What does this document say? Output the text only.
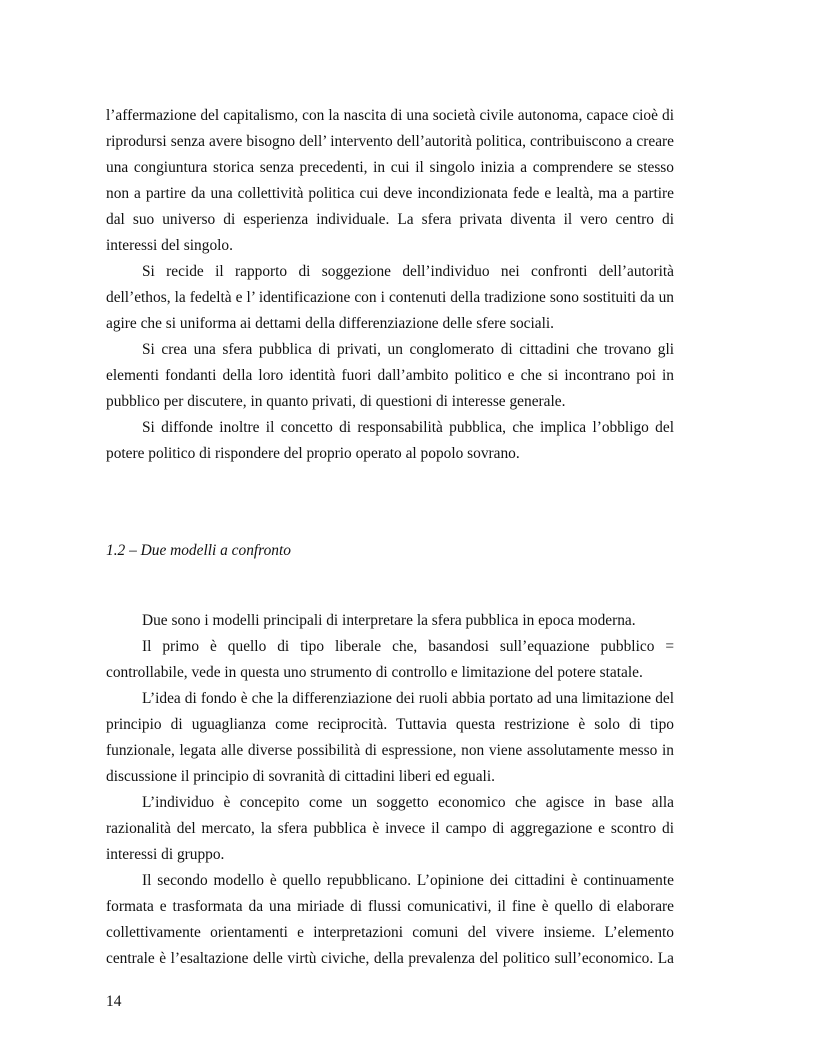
l’affermazione del capitalismo, con la nascita di una società civile autonoma, capace cioè di riprodursi senza avere bisogno dell’ intervento dell’autorità politica, contribuiscono a creare una congiuntura storica senza precedenti, in cui il singolo inizia a comprendere se stesso non a partire da una collettività politica cui deve incondizionata fede e lealtà, ma a partire dal suo universo di esperienza individuale. La sfera privata diventa il vero centro di interessi del singolo.

Si recide il rapporto di soggezione dell’individuo nei confronti dell’autorità dell’ethos, la fedeltà e l’ identificazione con i contenuti della tradizione sono sostituiti da un agire che si uniforma ai dettami della differenziazione delle sfere sociali.

Si crea una sfera pubblica di privati, un conglomerato di cittadini che trovano gli elementi fondanti della loro identità fuori dall’ambito politico e che si incontrano poi in pubblico per discutere, in quanto privati, di questioni di interesse generale.

Si diffonde inoltre il concetto di responsabilità pubblica, che implica l’obbligo del potere politico di rispondere del proprio operato al popolo sovrano.

1.2 – Due modelli a confronto

Due sono i modelli principali di interpretare la sfera pubblica in epoca moderna.

Il primo è quello di tipo liberale che, basandosi sull’equazione pubblico = controllabile, vede in questa uno strumento di controllo e limitazione del potere statale.

L’idea di fondo è che la differenziazione dei ruoli abbia portato ad una limitazione del principio di uguaglianza come reciprocità. Tuttavia questa restrizione è solo di tipo funzionale, legata alle diverse possibilità di espressione, non viene assolutamente messo in discussione il principio di sovranità di cittadini liberi ed eguali.

L’individuo è concepito come un soggetto economico che agisce in base alla razionalità del mercato, la sfera pubblica è invece il campo di aggregazione e scontro di interessi di gruppo.

Il secondo modello è quello repubblicano. L’opinione dei cittadini è continuamente formata e trasformata da una miriade di flussi comunicativi, il fine è quello di elaborare collettivamente orientamenti e interpretazioni comuni del vivere insieme. L’elemento centrale è l’esaltazione delle virtù civiche, della prevalenza del politico sull’economico. La

14
